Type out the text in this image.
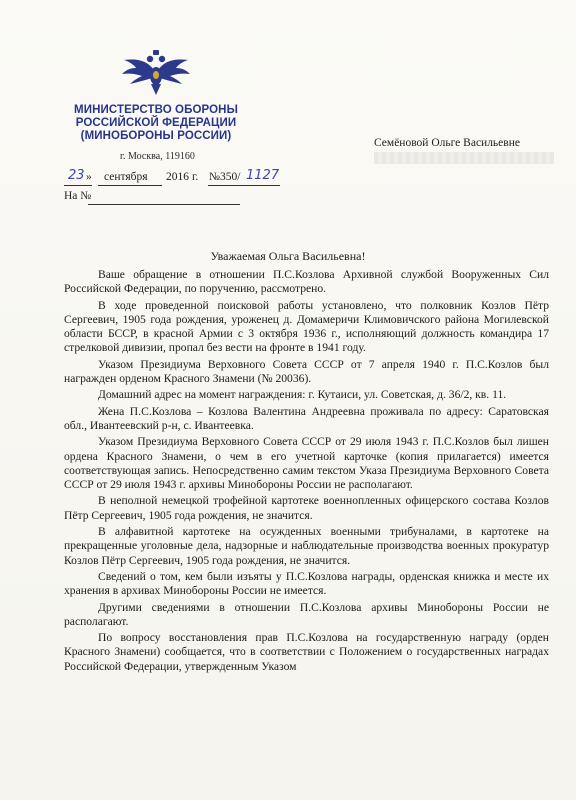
МИНИСТЕРСТВО ОБОРОНЫ
РОССИЙСКОЙ ФЕДЕРАЦИИ
(МИНОБОРОНЫ РОССИИ)
г. Москва, 119160
23 » сентября 2016 г. №350/ 1127
На №
Семёновой Ольге Васильевне
Уважаемая Ольга Васильевна!

Ваше обращение в отношении П.С.Козлова Архивной службой Вооруженных Сил Российской Федерации, по поручению, рассмотрено.

В ходе проведенной поисковой работы установлено, что полковник Козлов Пётр Сергеевич, 1905 года рождения, уроженец д. Домамеричи Климовичского района Могилевской области БССР, в красной Армии с 3 октября 1936 г., исполняющий должность командира 17 стрелковой дивизии, пропал без вести на фронте в 1941 году.

Указом Президиума Верховного Совета СССР от 7 апреля 1940 г. П.С.Козлов был награжден орденом Красного Знамени (№ 20036).

Домашний адрес на момент награждения: г. Кутаиси, ул. Советская, д. 36/2, кв. 11.

Жена П.С.Козлова – Козлова Валентина Андреевна проживала по адресу: Саратовская обл., Ивантеевский р-н, с. Ивантеевка.

Указом Президиума Верховного Совета СССР от 29 июля 1943 г. П.С.Козлов был лишен ордена Красного Знамени, о чем в его учетной карточке (копия прилагается) имеется соответствующая запись. Непосредственно самим текстом Указа Президиума Верховного Совета СССР от 29 июля 1943 г. архивы Минобороны России не располагают.

В неполной немецкой трофейной картотеке военнопленных офицерского состава Козлов Пётр Сергеевич, 1905 года рождения, не значится.

В алфавитной картотеке на осужденных военными трибуналами, в картотеке на прекращенные уголовные дела, надзорные и наблюдательные производства военных прокуратур Козлов Пётр Сергеевич, 1905 года рождения, не значится.

Сведений о том, кем были изъяты у П.С.Козлова награды, орденская книжка и месте их хранения в архивах Минобороны России не имеется.

Другими сведениями в отношении П.С.Козлова архивы Минобороны России не располагают.

По вопросу восстановления прав П.С.Козлова на государственную награду (орден Красного Знамени) сообщается, что в соответствии с Положением о государственных наградах Российской Федерации, утвержденным Указом
